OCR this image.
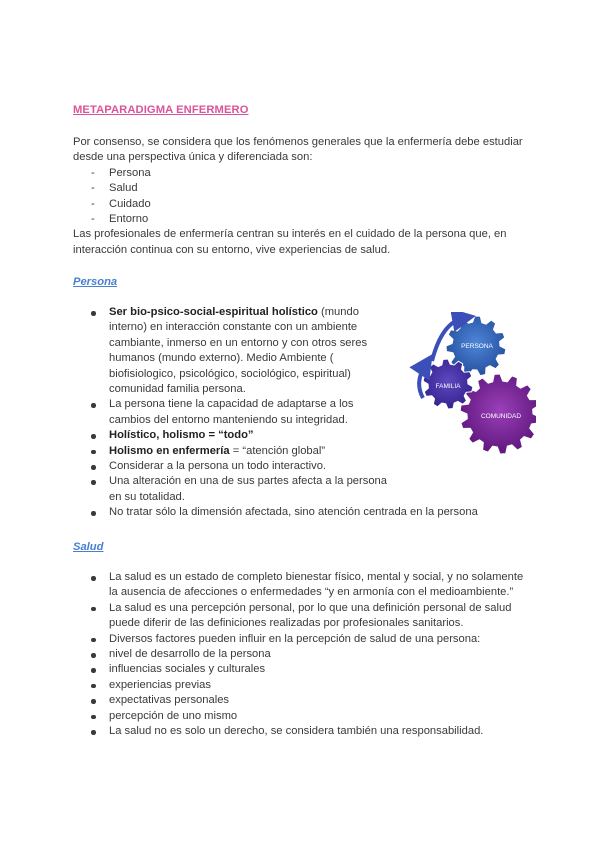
METAPARADIGMA ENFERMERO

Por consenso, se considera que los fenómenos generales que la enfermería debe estudiar desde una perspectiva única y diferenciada son:

- Persona
- Salud
- Cuidado
- Entorno

Las profesionales de enfermería centran su interés en el cuidado de la persona que, en interacción continua con su entorno, vive experiencias de salud.

Persona
Ser bio-psico-social-espiritual holístico (mundo interno) en interacción constante con un ambiente cambiante, inmerso en un entorno y con otros seres humanos (mundo externo). Medio Ambiente ( biofisiologico, psicológico, sociológico, espiritual) comunidad familia persona.
La persona tiene la capacidad de adaptarse a los cambios del entorno manteniendo su integridad.
Holístico, holismo = “todo”
Holismo en enfermería = “atención global”
Considerar a la persona un todo interactivo.
Una alteración en una de sus partes afecta a la persona en su totalidad.
No tratar sólo la dimensión afectada, sino atención centrada en la persona
PERSONA
FAMILIA
COMUNIDAD
Salud
La salud es un estado de completo bienestar físico, mental y social, y no solamente la ausencia de afecciones o enfermedades “y en armonía con el medioambiente.”
La salud es una percepción personal, por lo que una definición personal de salud puede diferir de las definiciones realizadas por profesionales sanitarios.
Diversos factores pueden influir en la percepción de salud de una persona:
nivel de desarrollo de la persona
influencias sociales y culturales
experiencias previas
expectativas personales
percepción de uno mismo
La salud no es solo un derecho, se considera también una responsabilidad.
